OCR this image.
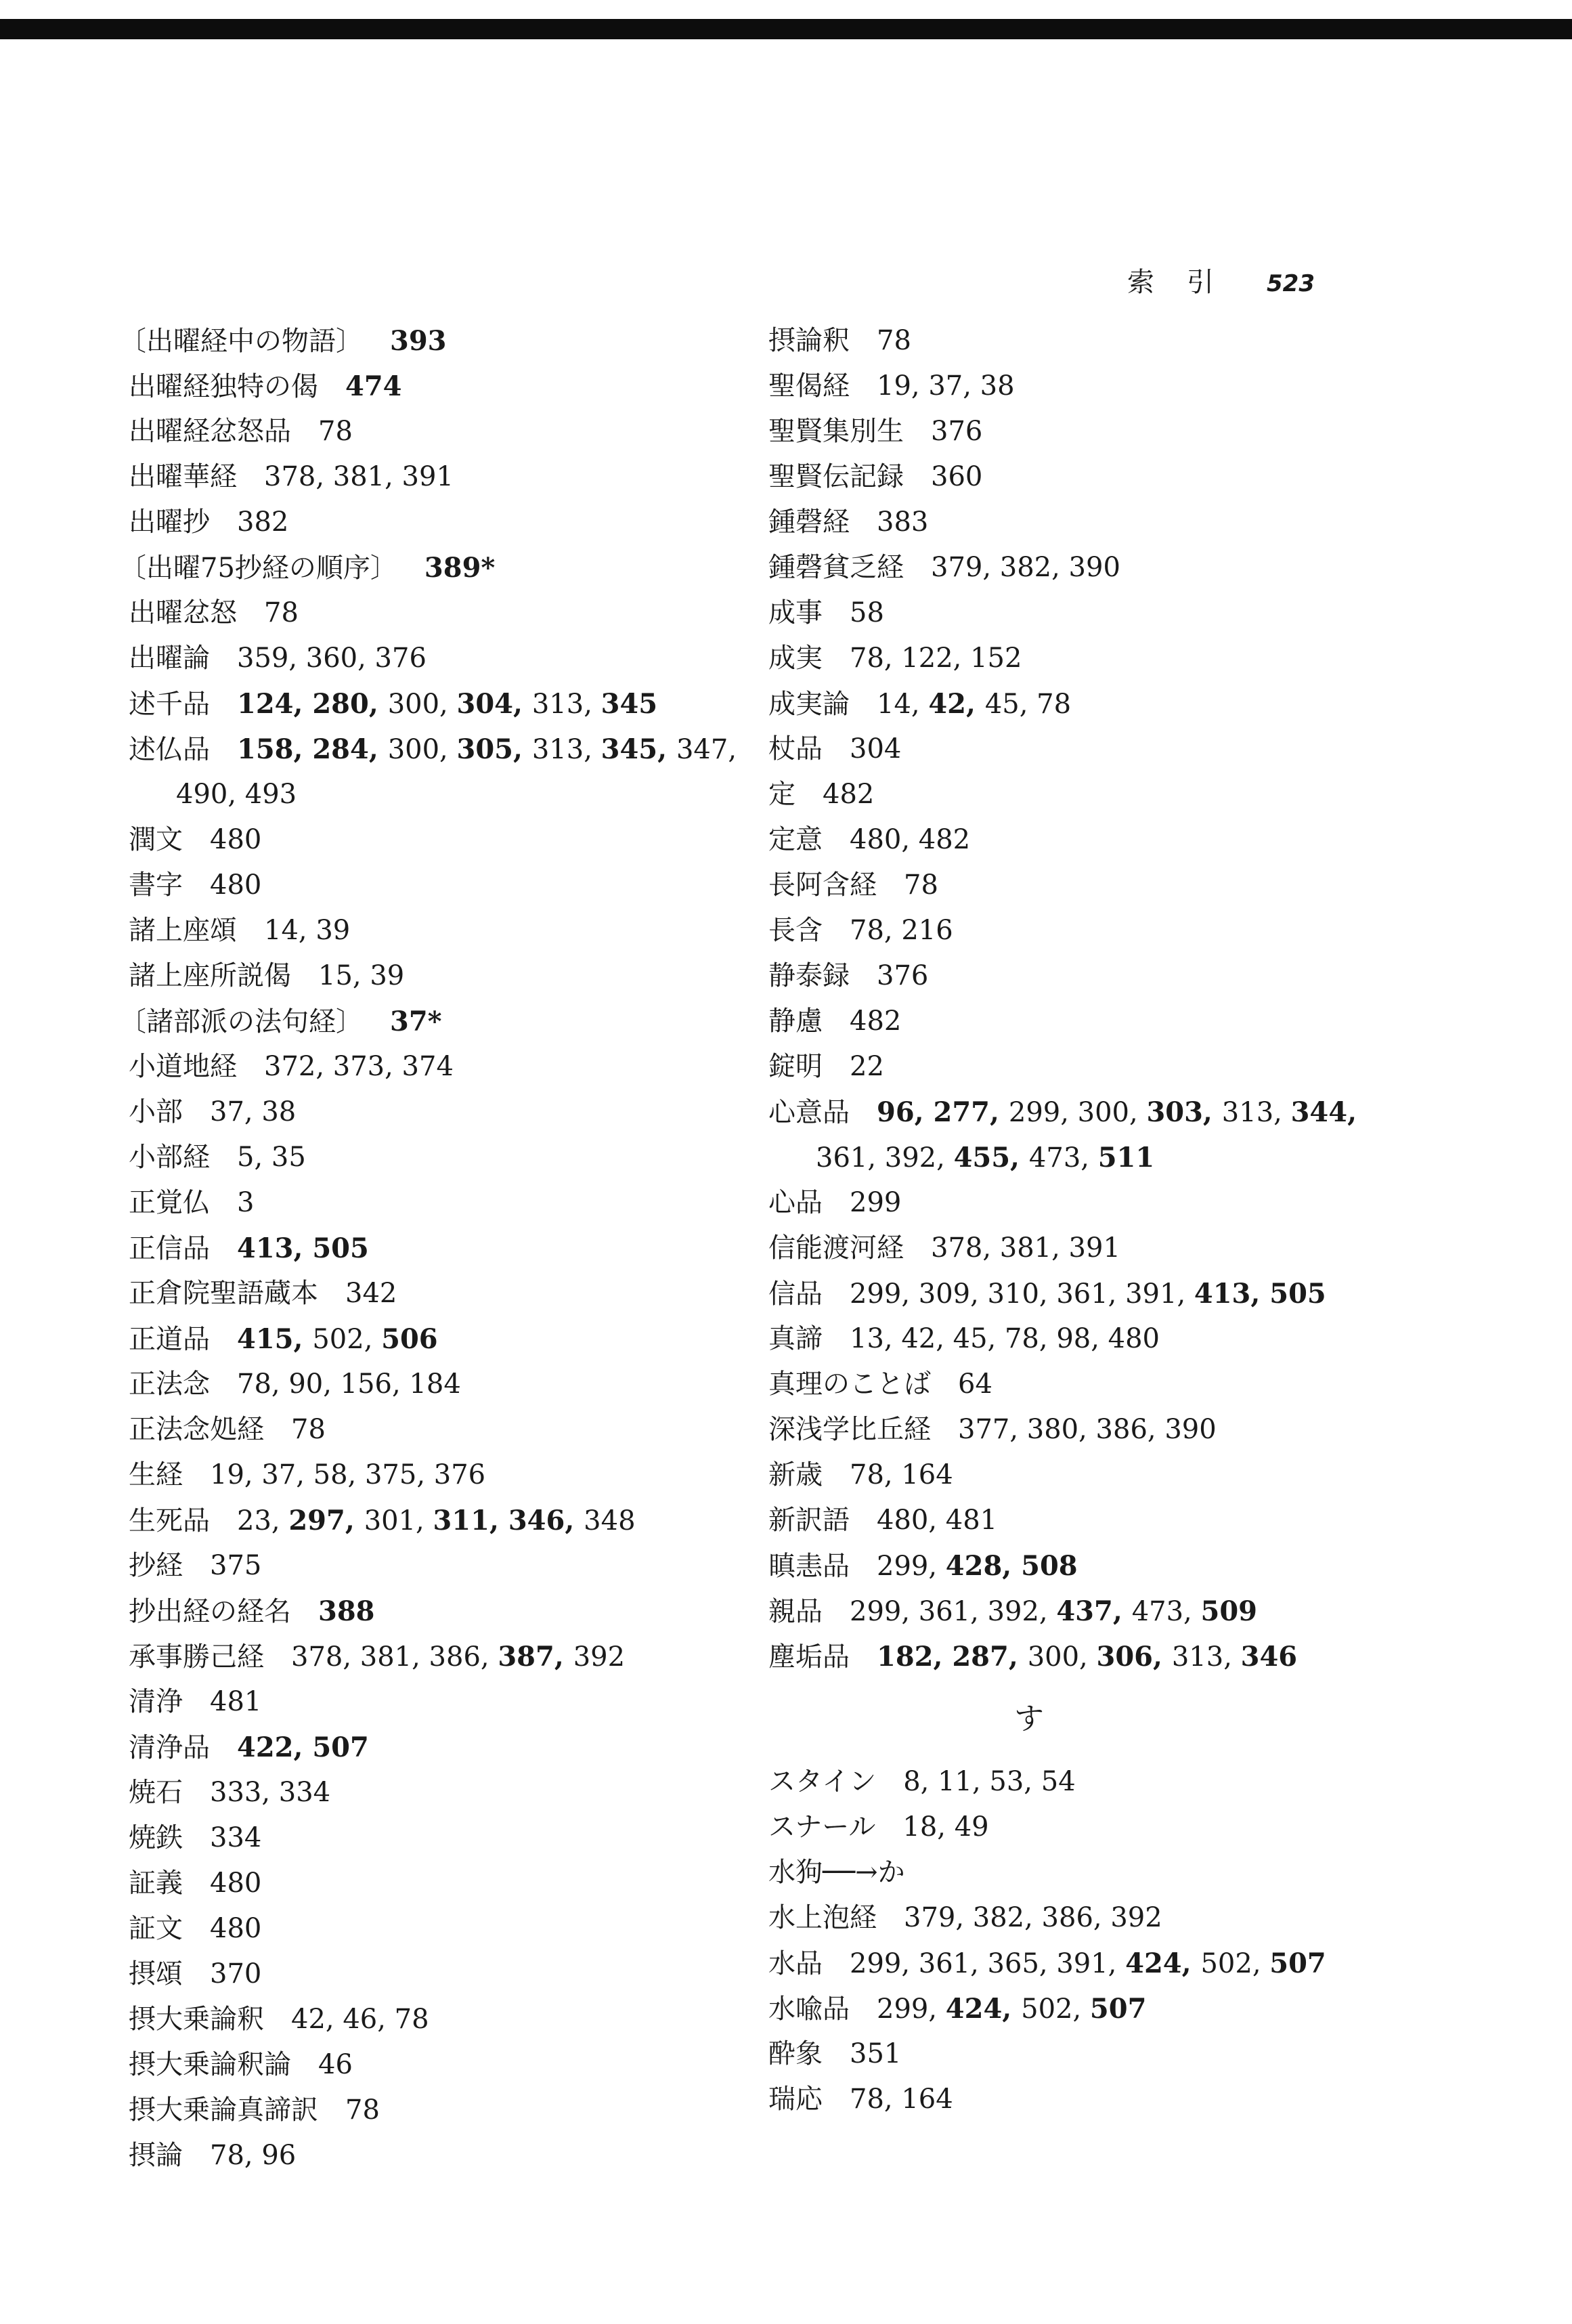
索引 523
〔出曜経中の物語〕 393
出曜経独特の偈 474
出曜経忿怒品 78
出曜華経 378, 381, 391
出曜抄 382
〔出曜75抄経の順序〕 389*
出曜忿怒 78
出曜論 359, 360, 376
述千品 124, 280, 300, 304, 313, 345
述仏品 158, 284, 300, 305, 313, 345, 347,
490, 493
潤文 480
書字 480
諸上座頌 14, 39
諸上座所説偈 15, 39
〔諸部派の法句経〕 37*
小道地経 372, 373, 374
小部 37, 38
小部経 5, 35
正覚仏 3
正信品 413, 505
正倉院聖語蔵本 342
正道品 415, 502, 506
正法念 78, 90, 156, 184
正法念処経 78
生経 19, 37, 58, 375, 376
生死品 23, 297, 301, 311, 346, 348
抄経 375
抄出経の経名 388
承事勝己経 378, 381, 386, 387, 392
清浄 481
清浄品 422, 507
焼石 333, 334
焼鉄 334
証義 480
証文 480
摂頌 370
摂大乗論釈 42, 46, 78
摂大乗論釈論 46
摂大乗論真諦訳 78
摂論 78, 96
摂論釈 78
聖偈経 19, 37, 38
聖賢集別生 376
聖賢伝記録 360
鍾磬経 383
鍾磬貧乏経 379, 382, 390
成事 58
成実 78, 122, 152
成実論 14, 42, 45, 78
杖品 304
定 482
定意 480, 482
長阿含経 78
長含 78, 216
静泰録 376
静慮 482
錠明 22
心意品 96, 277, 299, 300, 303, 313, 344,
361, 392, 455, 473, 511
心品 299
信能渡河経 378, 381, 391
信品 299, 309, 310, 361, 391, 413, 505
真諦 13, 42, 45, 78, 98, 480
真理のことば 64
深浅学比丘経 377, 380, 386, 390
新歳 78, 164
新訳語 480, 481
瞋恚品 299, 428, 508
親品 299, 361, 392, 437, 473, 509
塵垢品 182, 287, 300, 306, 313, 346
す
スタイン 8, 11, 53, 54
スナール 18, 49
水狗──→か
水上泡経 379, 382, 386, 392
水品 299, 361, 365, 391, 424, 502, 507
水喩品 299, 424, 502, 507
酔象 351
瑞応 78, 164
